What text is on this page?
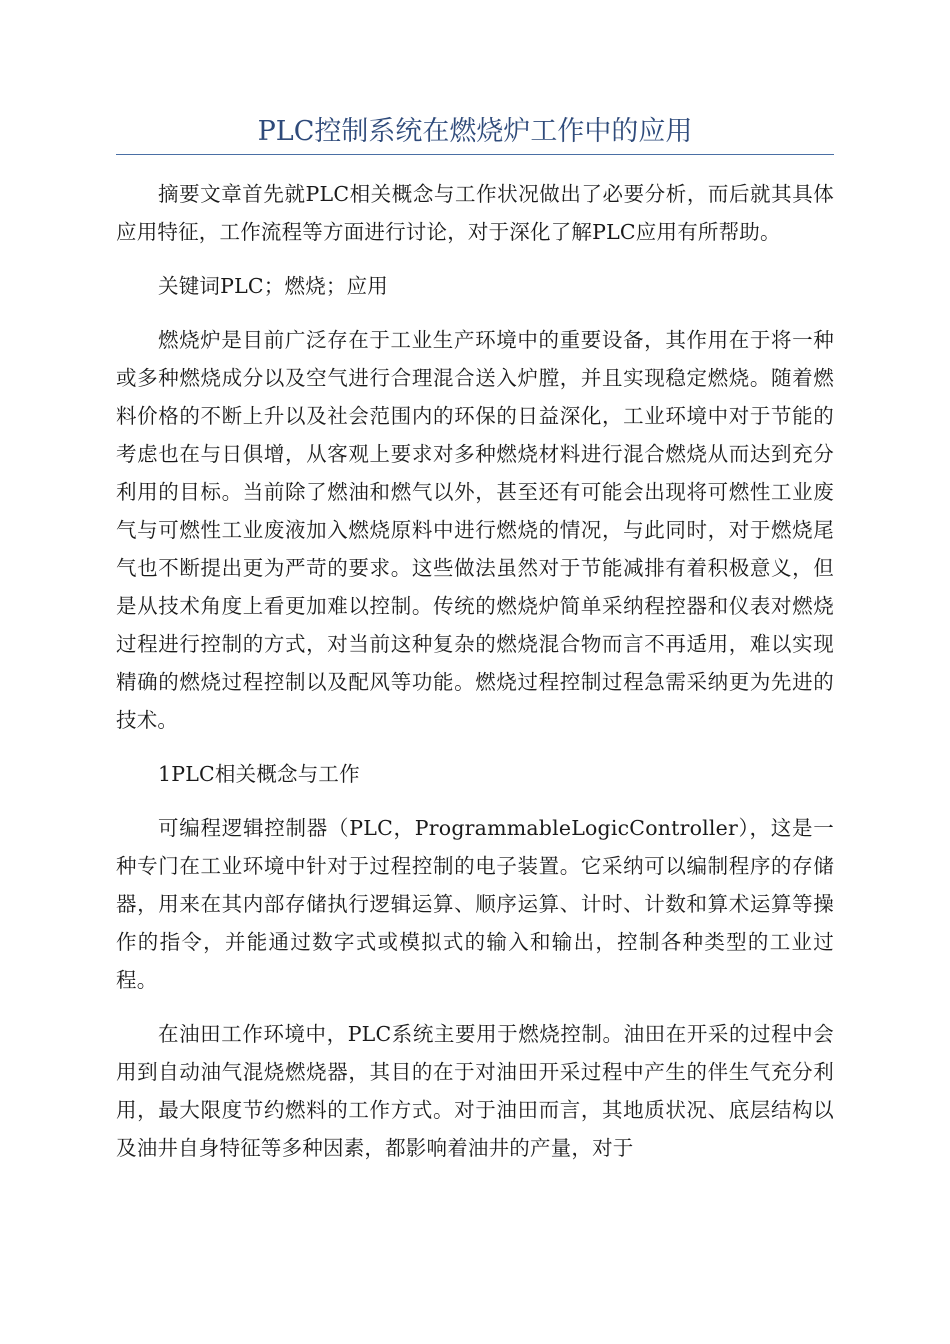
PLC控制系统在燃烧炉工作中的应用

摘要文章首先就PLC相关概念与工作状况做出了必要分析，而后就其具体应用特征，工作流程等方面进行讨论，对于深化了解PLC应用有所帮助。

关键词PLC；燃烧；应用

燃烧炉是目前广泛存在于工业生产环境中的重要设备，其作用在于将一种或多种燃烧成分以及空气进行合理混合送入炉膛，并且实现稳定燃烧。随着燃料价格的不断上升以及社会范围内的环保的日益深化，工业环境中对于节能的考虑也在与日俱增，从客观上要求对多种燃烧材料进行混合燃烧从而达到充分利用的目标。当前除了燃油和燃气以外，甚至还有可能会出现将可燃性工业废气与可燃性工业废液加入燃烧原料中进行燃烧的情况，与此同时，对于燃烧尾气也不断提出更为严苛的要求。这些做法虽然对于节能减排有着积极意义，但是从技术角度上看更加难以控制。传统的燃烧炉简单采纳程控器和仪表对燃烧过程进行控制的方式，对当前这种复杂的燃烧混合物而言不再适用，难以实现精确的燃烧过程控制以及配风等功能。燃烧过程控制过程急需采纳更为先进的技术。

1PLC相关概念与工作

可编程逻辑控制器（PLC，ProgrammableLogicController），这是一种专门在工业环境中针对于过程控制的电子装置。它采纳可以编制程序的存储器，用来在其内部存储执行逻辑运算、顺序运算、计时、计数和算术运算等操作的指令，并能通过数字式或模拟式的输入和输出，控制各种类型的工业过程。

在油田工作环境中，PLC系统主要用于燃烧控制。油田在开采的过程中会用到自动油气混烧燃烧器，其目的在于对油田开采过程中产生的伴生气充分利用，最大限度节约燃料的工作方式。对于油田而言，其地质状况、底层结构以及油井自身特征等多种因素，都影响着油井的产量，对于
